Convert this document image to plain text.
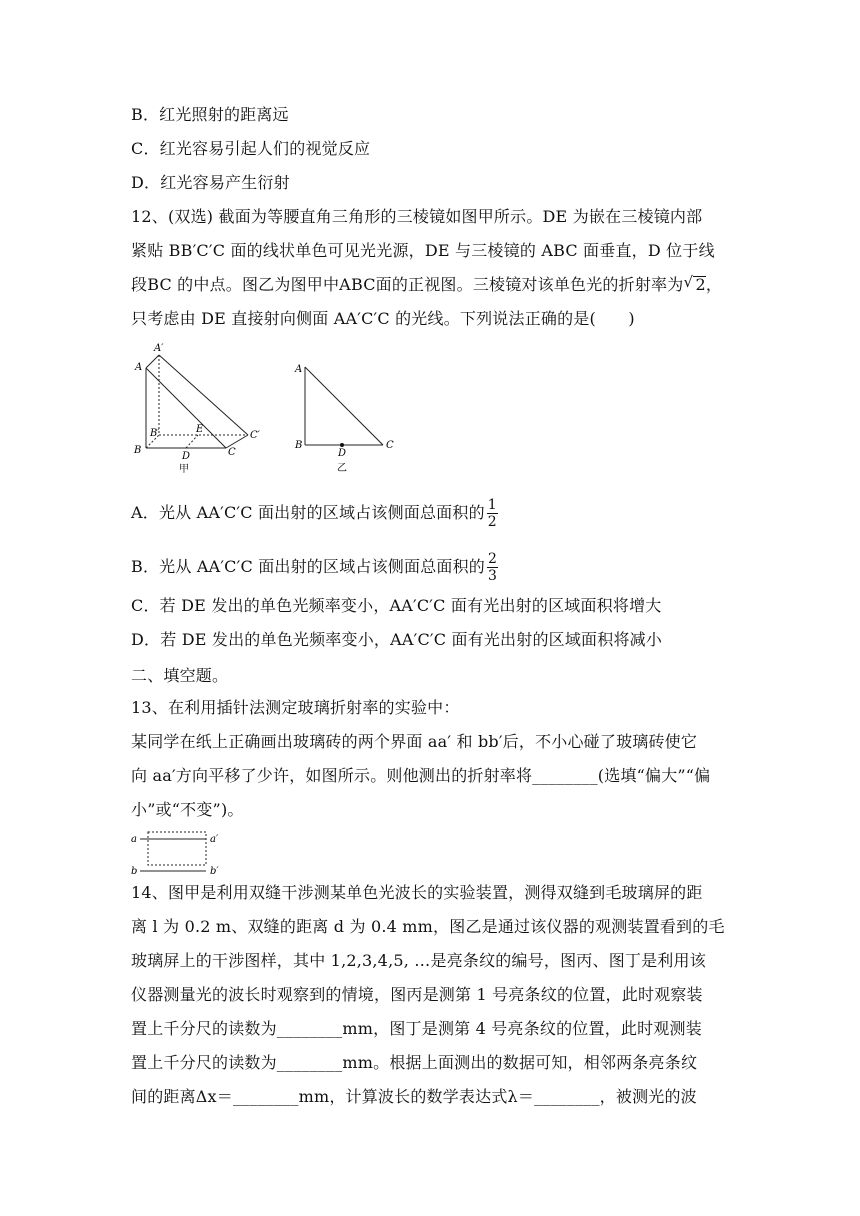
B．红光照射的距离远
C．红光容易引起人们的视觉反应
D．红光容易产生衍射
12、(双选) 截面为等腰直角三角形的三棱镜如图甲所示。DE 为嵌在三棱镜内部
紧贴 BB′C′C 面的线状单色可见光光源，DE 与三棱镜的 ABC 面垂直，D 位于线
段BC 的中点。图乙为图甲中ABC面的正视图。三棱镜对该单色光的折射率为√ 2，
只考虑由 DE 直接射向侧面 AA′C′C 的光线。下列说法正确的是(　　)
A′
A
B′	E
C′
B
D	C
甲
A
B
D
C
乙
A．光从 AA′C′C 面出射的区域占该侧面总面积的 $\frac{1}{2}$
B．光从 AA′C′C 面出射的区域占该侧面总面积的 $\frac{2}{3}$
C．若 DE 发出的单色光频率变小，AA′C′C 面有光出射的区域面积将增大
D．若 DE 发出的单色光频率变小，AA′C′C 面有光出射的区域面积将减小
二、填空题。
13、在利用插针法测定玻璃折射率的实验中：
某同学在纸上正确画出玻璃砖的两个界面 aa′ 和 bb′后，不小心碰了玻璃砖使它
向 aa′方向平移了少许，如图所示。则他测出的折射率将________(选填“偏大”“偏
小”或“不变”)。
a	a′
b	b′
14、图甲是利用双缝干涉测某单色光波长的实验装置，测得双缝到毛玻璃屏的距
离 l 为 0.2 m、双缝的距离 d 为 0.4 mm，图乙是通过该仪器的观测装置看到的毛
玻璃屏上的干涉图样，其中 1,2,3,4,5, …是亮条纹的编号，图丙、图丁是利用该
仪器测量光的波长时观察到的情境，图丙是测第 1 号亮条纹的位置，此时观察装
置上千分尺的读数为________mm，图丁是测第 4 号亮条纹的位置，此时观测装
置上千分尺的读数为________mm。根据上面测出的数据可知，相邻两条亮条纹
间的距离Δx＝________mm，计算波长的数学表达式λ＝________，被测光的波
